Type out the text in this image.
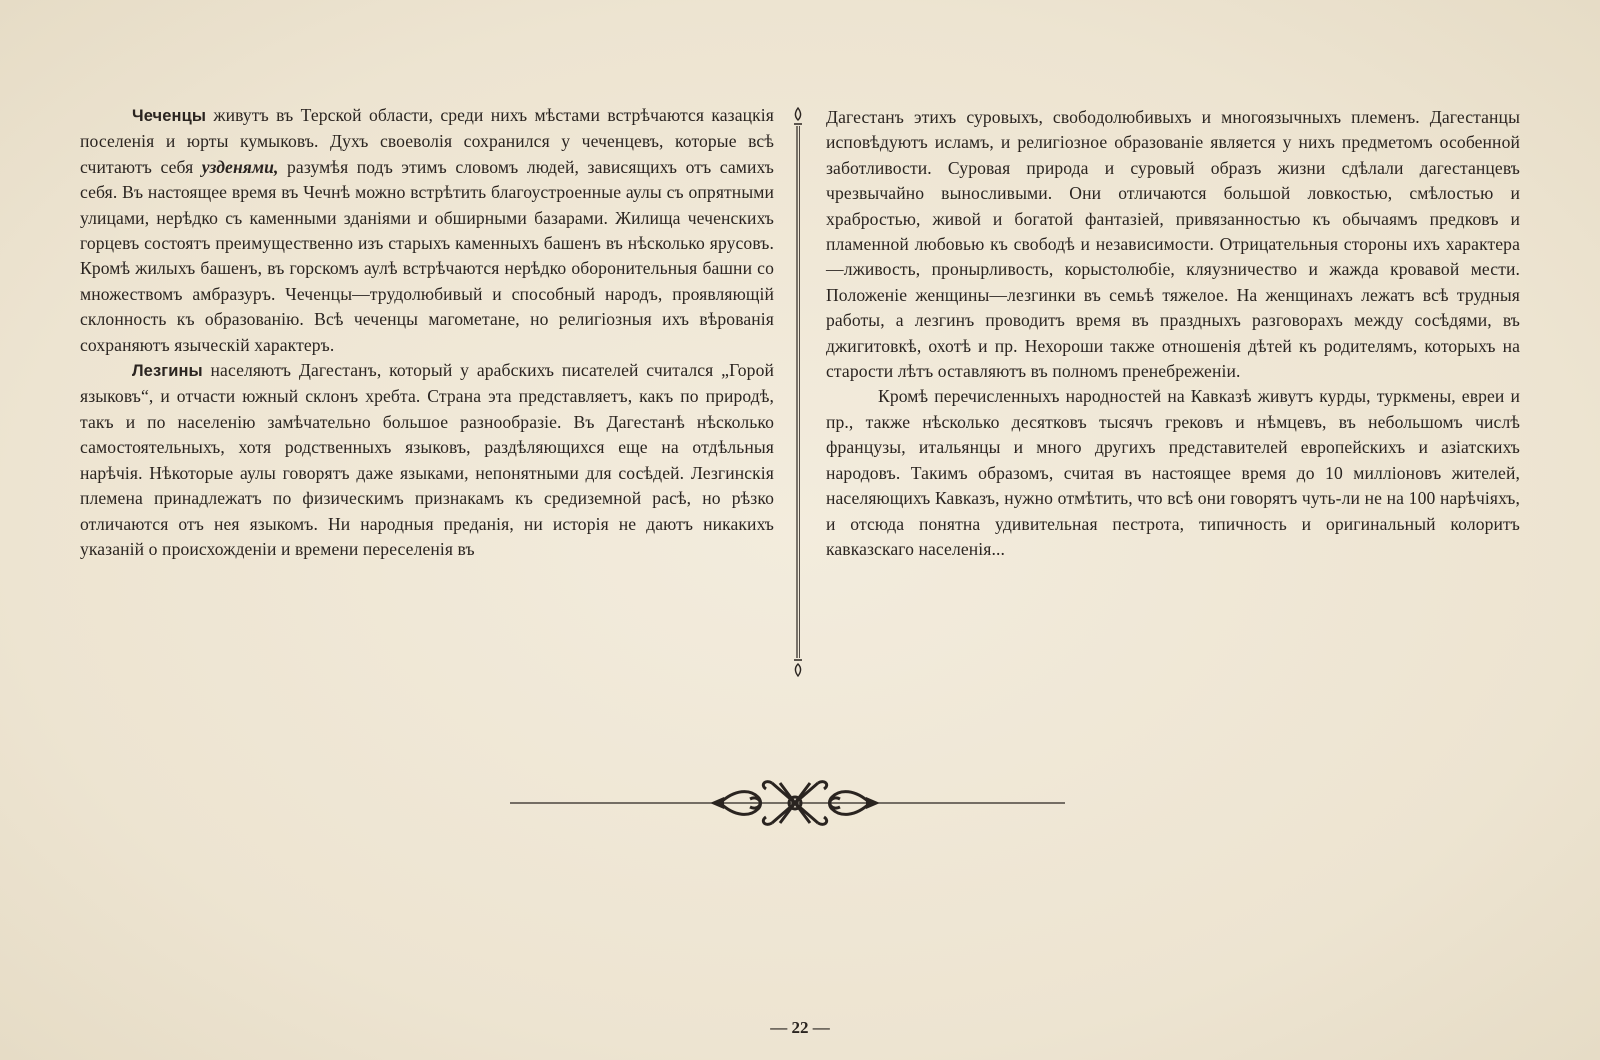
Чеченцы живутъ въ Терской области, среди нихъ мѣстами встрѣчаются казацкія поселенія и юрты кумыковъ. Духъ своеволія сохранился у чеченцевъ, которые всѣ считаютъ себя узденями, разумѣя подъ этимъ словомъ людей, зависящихъ отъ самихъ себя. Въ настоящее время въ Чечнѣ можно встрѣтить благоустроенные аулы съ опрятными улицами, нерѣдко съ каменными зданіями и обширными базарами. Жилища чеченскихъ горцевъ состоятъ преимущественно изъ старыхъ каменныхъ башенъ въ нѣсколько ярусовъ. Кромѣ жилыхъ башенъ, въ горскомъ аулѣ встрѣчаются нерѣдко оборонительныя башни со множествомъ амбразуръ. Чеченцы—трудолюбивый и способный народъ, проявляющій склонность къ образованію. Всѣ чеченцы магометане, но религіозныя ихъ вѣрованія сохраняютъ языческій характеръ.

Лезгины населяютъ Дагестанъ, который у арабскихъ писателей считался „Горой языковъ“, и отчасти южный склонъ хребта. Страна эта представляетъ, какъ по природѣ, такъ и по населенію замѣчательно большое разнообразіе. Въ Дагестанѣ нѣсколько самостоятельныхъ, хотя родственныхъ языковъ, раздѣляющихся еще на отдѣльныя нарѣчія. Нѣкоторые аулы говорятъ даже языками, непонятными для сосѣдей. Лезгинскія племена принадлежатъ по физическимъ признакамъ къ средиземной расѣ, но рѣзко отличаются отъ нея языкомъ. Ни народныя преданія, ни исторія не даютъ никакихъ указаній о происхожденіи и времени переселенія въ

Дагестанъ этихъ суровыхъ, свободолюбивыхъ и многоязычныхъ племенъ. Дагестанцы исповѣдуютъ исламъ, и религіозное образованіе является у нихъ предметомъ особенной заботливости. Суровая природа и суровый образъ жизни сдѣлали дагестанцевъ чрезвычайно выносливыми. Они отличаются большой ловкостью, смѣлостью и храбростью, живой и богатой фантазіей, привязанностью къ обычаямъ предковъ и пламенной любовью къ свободѣ и независимости. Отрицательныя стороны ихъ характера—лживость, пронырливость, корыстолюбіе, кляузничество и жажда кровавой мести. Положеніе женщины—лезгинки въ семьѣ тяжелое. На женщинахъ лежатъ всѣ трудныя работы, а лезгинъ проводитъ время въ праздныхъ разговорахъ между сосѣдями, въ джигитовкѣ, охотѣ и пр. Нехороши также отношенія дѣтей къ родителямъ, которыхъ на старости лѣтъ оставляютъ въ полномъ пренебреженіи.

Кромѣ перечисленныхъ народностей на Кавказѣ живутъ курды, туркмены, евреи и пр., также нѣсколько десятковъ тысячъ грековъ и нѣмцевъ, въ небольшомъ числѣ французы, итальянцы и много другихъ представителей европейскихъ и азіатскихъ народовъ. Такимъ образомъ, считая въ настоящее время до 10 милліоновъ жителей, населяющихъ Кавказъ, нужно отмѣтить, что всѣ они говорятъ чуть-ли не на 100 нарѣчіяхъ, и отсюда понятна удивительная пестрота, типичность и оригинальный колоритъ кавказскаго населенія...

— 22 —
